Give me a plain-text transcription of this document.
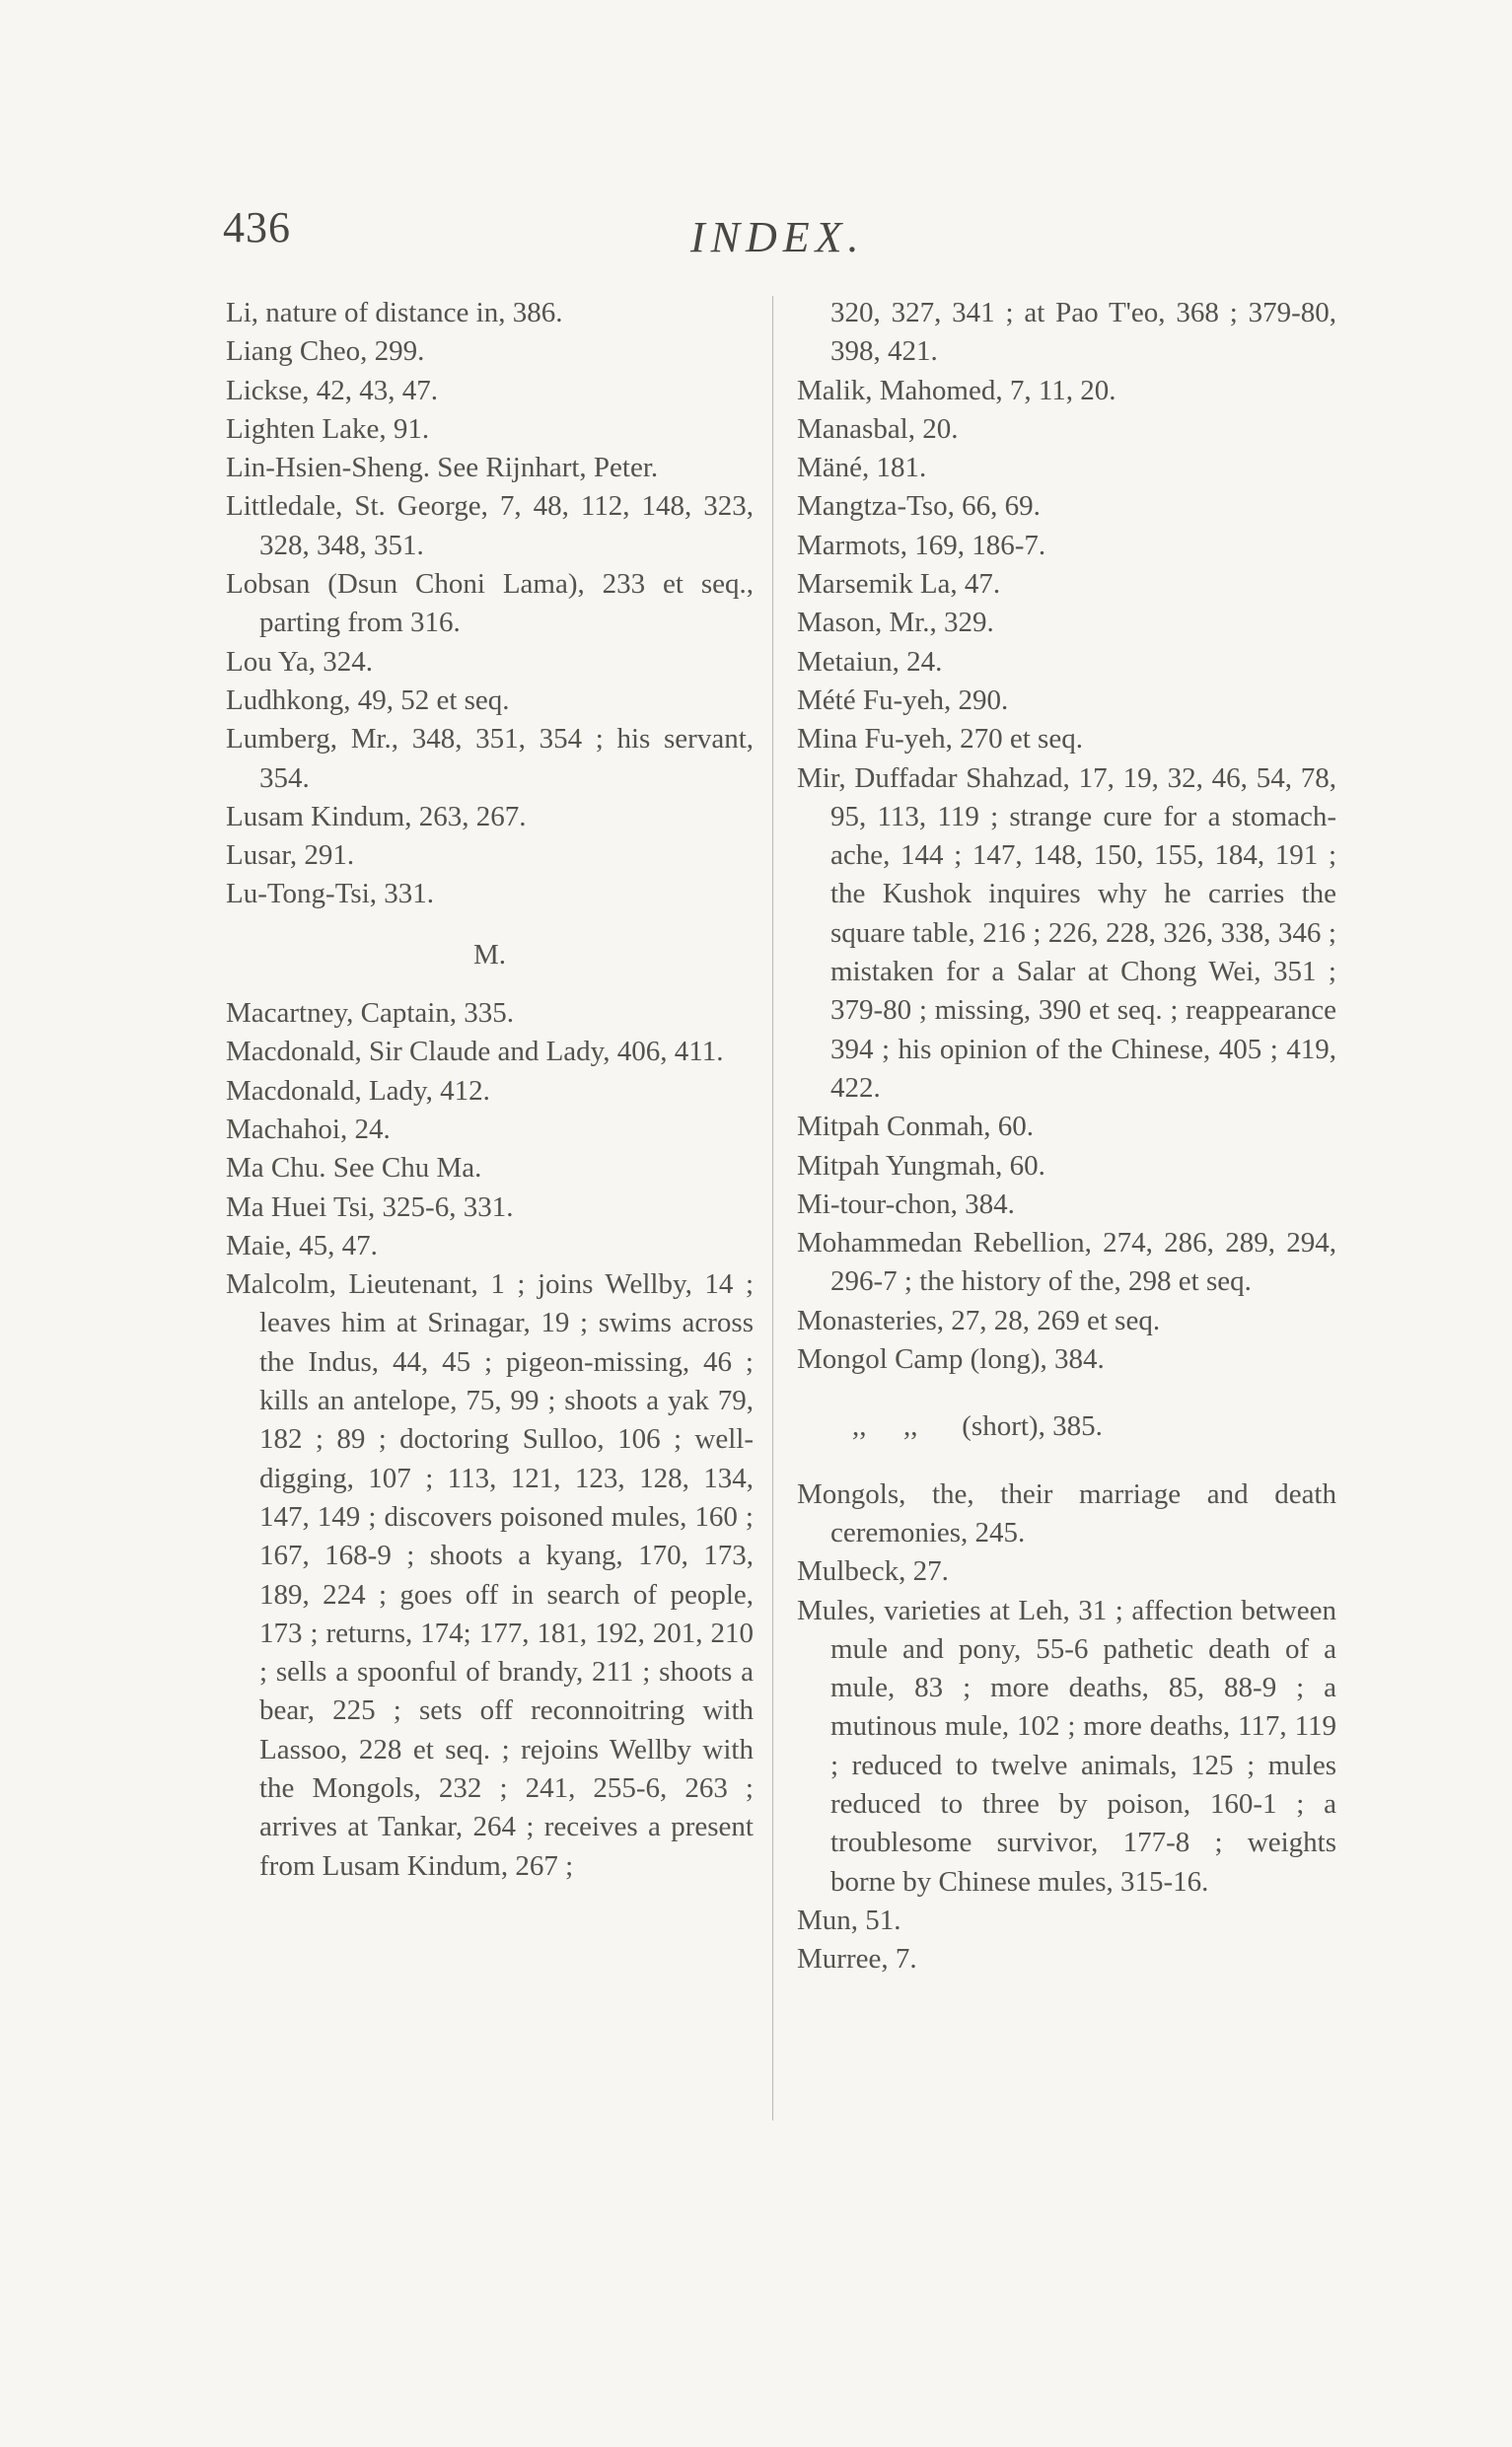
436	INDEX.

Li, nature of distance in, 386.

Liang Cheo, 299.

Lickse, 42, 43, 47.

Lighten Lake, 91.

Lin-Hsien-Sheng. See Rijnhart, Peter.

Littledale, St. George, 7, 48, 112, 148, 323, 328, 348, 351.

Lobsan (Dsun Choni Lama), 233 et seq., parting from 316.

Lou Ya, 324.

Ludhkong, 49, 52 et seq.

Lumberg, Mr., 348, 351, 354 ; his servant, 354.

Lusam Kindum, 263, 267.

Lusar, 291.

Lu-Tong-Tsi, 331.

M.

Macartney, Captain, 335.

Macdonald, Sir Claude and Lady, 406, 411.

Macdonald, Lady, 412.

Machahoi, 24.

Ma Chu. See Chu Ma.

Ma Huei Tsi, 325-6, 331.

Maie, 45, 47.

Malcolm, Lieutenant, 1 ; joins Wellby, 14 ; leaves him at Srinagar, 19 ; swims across the Indus, 44, 45 ; pigeon-missing, 46 ; kills an antelope, 75, 99 ; shoots a yak 79, 182 ; 89 ; doctoring Sulloo, 106 ; well-digging, 107 ; 113, 121, 123, 128, 134, 147, 149 ; discovers poisoned mules, 160 ; 167, 168-9 ; shoots a kyang, 170, 173, 189, 224 ; goes off in search of people, 173 ; returns, 174; 177, 181, 192, 201, 210 ; sells a spoonful of brandy, 211 ; shoots a bear, 225 ; sets off reconnoitring with Lassoo, 228 et seq. ; rejoins Wellby with the Mongols, 232 ; 241, 255-6, 263 ; arrives at Tankar, 264 ; receives a present from Lusam Kindum, 267 ;

320, 327, 341 ; at Pao T'eo, 368 ; 379-80, 398, 421.

Malik, Mahomed, 7, 11, 20.

Manasbal, 20.

Mäné, 181.

Mangtza-Tso, 66, 69.

Marmots, 169, 186-7.

Marsemik La, 47.

Mason, Mr., 329.

Metaiun, 24.

Mété Fu-yeh, 290.

Mina Fu-yeh, 270 et seq.

Mir, Duffadar Shahzad, 17, 19, 32, 46, 54, 78, 95, 113, 119 ; strange cure for a stomach-ache, 144 ; 147, 148, 150, 155, 184, 191 ; the Kushok inquires why he carries the square table, 216 ; 226, 228, 326, 338, 346 ; mistaken for a Salar at Chong Wei, 351 ; 379-80 ; missing, 390 et seq. ; reappearance 394 ; his opinion of the Chinese, 405 ; 419, 422.

Mitpah Conmah, 60.

Mitpah Yungmah, 60.

Mi-tour-chon, 384.

Mohammedan Rebellion, 274, 286, 289, 294, 296-7 ; the history of the, 298 et seq.

Monasteries, 27, 28, 269 et seq.

Mongol Camp (long), 384.

,, ,, (short), 385.

Mongols, the, their marriage and death ceremonies, 245.

Mulbeck, 27.

Mules, varieties at Leh, 31 ; affection between mule and pony, 55-6 pathetic death of a mule, 83 ; more deaths, 85, 88-9 ; a mutinous mule, 102 ; more deaths, 117, 119 ; reduced to twelve animals, 125 ; mules reduced to three by poison, 160-1 ; a troublesome survivor, 177-8 ; weights borne by Chinese mules, 315-16.

Mun, 51.

Murree, 7.
